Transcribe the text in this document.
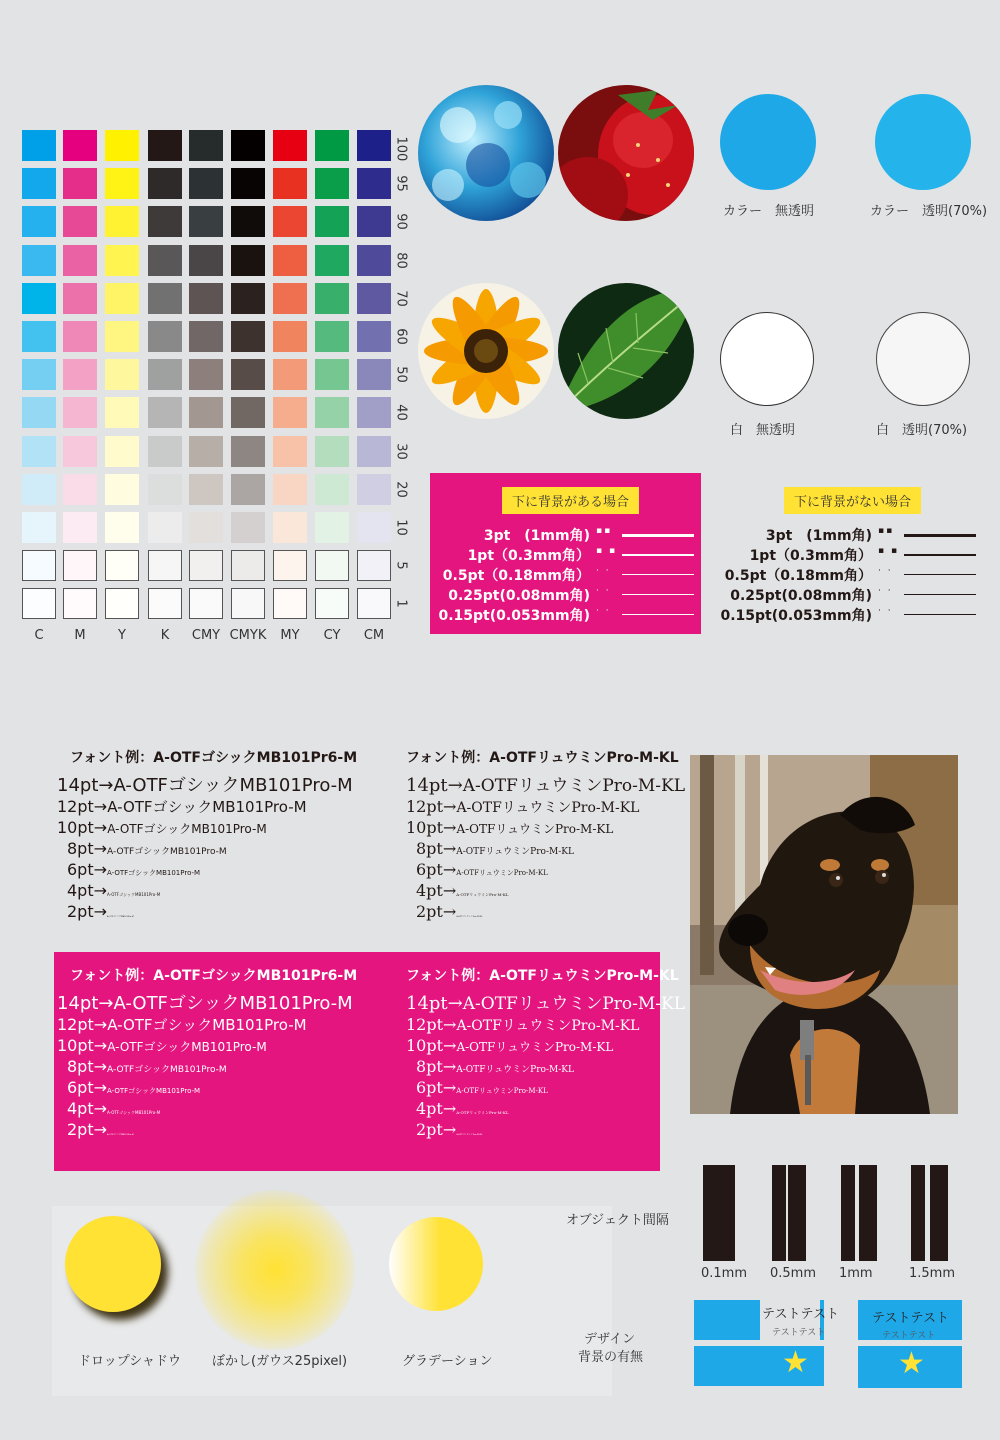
C	M	Y	K	CMY CMYK	MY	CY	CM
100
95
90
80
70
60
50
40
30
20
10
5
1
カラー　無透明	カラー　透明(70%)
白　無透明	白　透明(70%)
下に背景がある場合	下に背景がない場合
3pt　(1mm角) ▪▪
1pt（0.3mm角） ▪ ▪
0.5pt（0.18mm角） · ·
0.25pt(0.08mm角) · ·
0.15pt(0.053mm角) · ·
3pt　(1mm角) ▪▪
1pt（0.3mm角） ▪ ▪
0.5pt（0.18mm角） · ·
0.25pt(0.08mm角) · ·
0.15pt(0.053mm角) · ·
フォント例：A-OTFゴシックMB101Pr6-M	フォント例：A-OTFリュウミンPro-M-KL
14pt→A-OTFゴシックMB101Pro-M
12pt→A-OTFゴシックMB101Pro-M
10pt→A-OTFゴシックMB101Pro-M
8pt→A-OTFゴシックMB101Pro-M
6pt→A-OTFゴシックMB101Pro-M
4pt→A-OTFゴシックMB101Pro-M
2pt→A-OTFゴシックMB101Pro-M
14pt→A-OTFリュウミンPro-M-KL
12pt→A-OTFリュウミンPro-M-KL
10pt→A-OTFリュウミンPro-M-KL
8pt→A-OTFリュウミンPro-M-KL
6pt→A-OTFリュウミンPro-M-KL
4pt→A-OTFリュウミンPro-M-KL
2pt→A-OTFリュウミンPro-M-KL
フォント例：A-OTFゴシックMB101Pr6-M	フォント例：A-OTFリュウミンPro-M-KL
14pt→A-OTFゴシックMB101Pro-M
12pt→A-OTFゴシックMB101Pro-M
10pt→A-OTFゴシックMB101Pro-M
8pt→A-OTFゴシックMB101Pro-M
6pt→A-OTFゴシックMB101Pro-M
4pt→A-OTFゴシックMB101Pro-M
2pt→A-OTFゴシックMB101Pro-M
14pt→A-OTFリュウミンPro-M-KL
12pt→A-OTFリュウミンPro-M-KL
10pt→A-OTFリュウミンPro-M-KL
8pt→A-OTFリュウミンPro-M-KL
6pt→A-OTFリュウミンPro-M-KL
4pt→A-OTFリュウミンPro-M-KL
2pt→A-OTFリュウミンPro-M-KL
ドロップシャドウ ぼかし(ガウス25pixel)	グラデーション
オブジェクト間隔
0.1mm 0.5mm 1mm	1.5mm
デザイン
背景の有無
テストテスト
テストテスト
★
テストテスト
テストテスト
★
